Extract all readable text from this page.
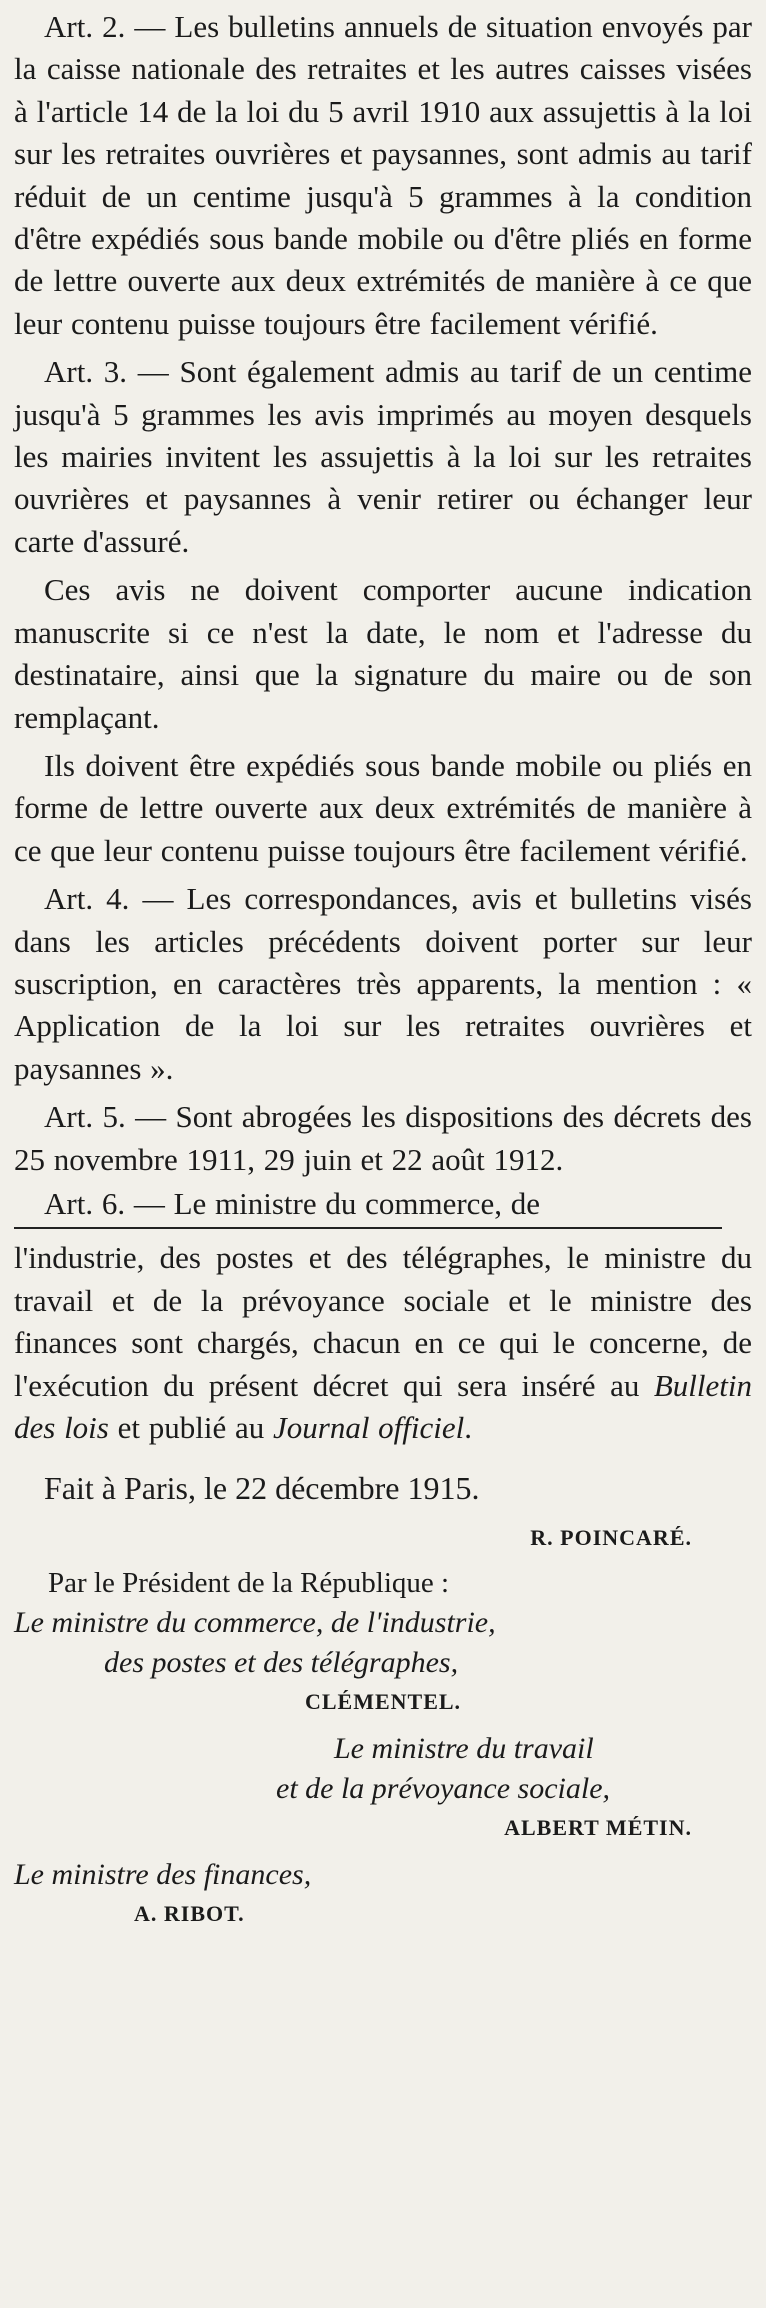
Art. 2. — Les bulletins annuels de situation envoyés par la caisse nationale des retraites et les autres caisses visées à l'article 14 de la loi du 5 avril 1910 aux assujettis à la loi sur les retraites ouvrières et paysannes, sont admis au tarif réduit de un centime jusqu'à 5 grammes à la condition d'être expédiés sous bande mobile ou d'être pliés en forme de lettre ouverte aux deux extrémités de manière à ce que leur contenu puisse toujours être facilement vérifié.

Art. 3. — Sont également admis au tarif de un centime jusqu'à 5 grammes les avis imprimés au moyen desquels les mairies invitent les assujettis à la loi sur les retraites ouvrières et paysannes à venir retirer ou échanger leur carte d'assuré.

Ces avis ne doivent comporter aucune indication manuscrite si ce n'est la date, le nom et l'adresse du destinataire, ainsi que la signature du maire ou de son remplaçant.

Ils doivent être expédiés sous bande mobile ou pliés en forme de lettre ouverte aux deux extrémités de manière à ce que leur contenu puisse toujours être facilement vérifié.

Art. 4. — Les correspondances, avis et bulletins visés dans les articles précédents doivent porter sur leur suscription, en caractères très apparents, la mention : « Application de la loi sur les retraites ouvrières et paysannes ».

Art. 5. — Sont abrogées les dispositions des décrets des 25 novembre 1911, 29 juin et 22 août 1912.

Art. 6. — Le ministre du commerce, de

l'industrie, des postes et des télégraphes, le ministre du travail et de la prévoyance sociale et le ministre des finances sont chargés, chacun en ce qui le concerne, de l'exécution du présent décret qui sera inséré au Bulletin des lois et publié au Journal officiel.

Fait à Paris, le 22 décembre 1915.

R. POINCARÉ.

Par le Président de la République :

Le ministre du commerce, de l'industrie,

des postes et des télégraphes,

CLÉMENTEL.

Le ministre du travail

et de la prévoyance sociale,

ALBERT MÉTIN.

Le ministre des finances,

A. RIBOT.
